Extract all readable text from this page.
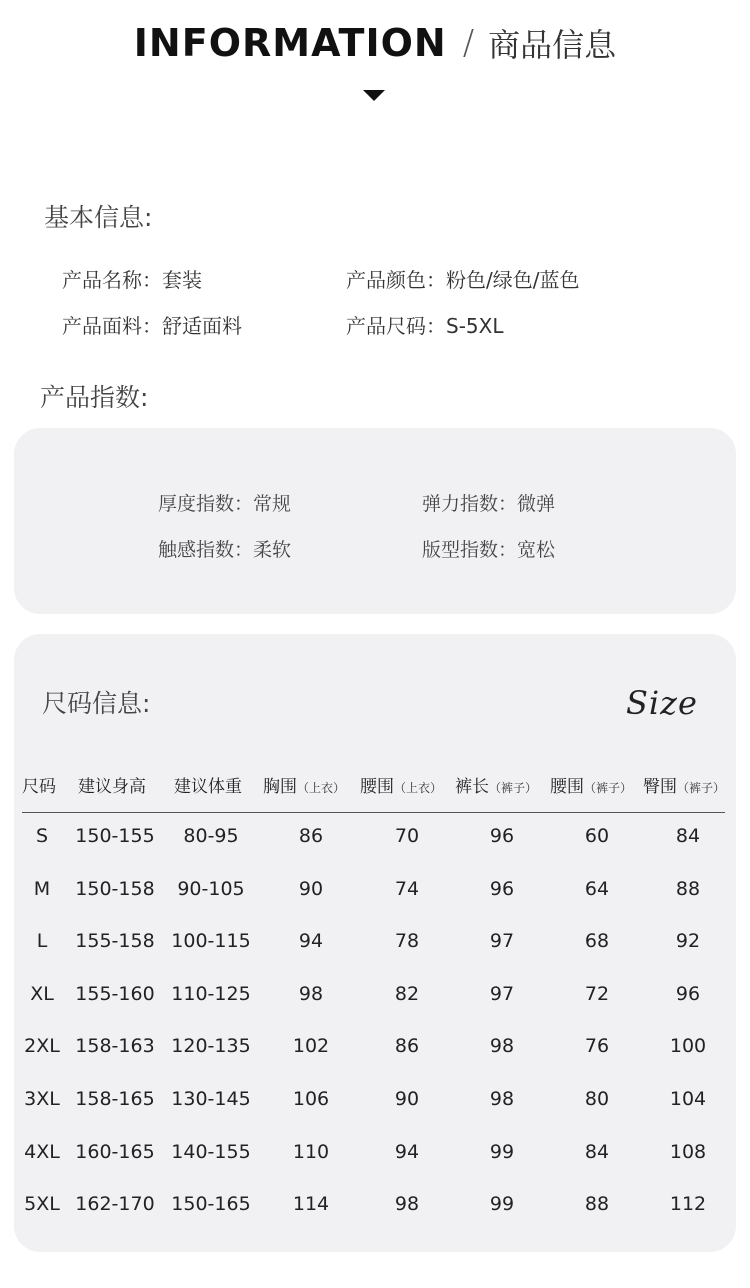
INFORMATION / 商品信息
基本信息:
产品名称：套装	产品颜色：粉色/绿色/蓝色
产品面料：舒适面料	产品尺码：S-5XL
产品指数:
厚度指数：常规	弹力指数：微弹
触感指数：柔软	版型指数：宽松
尺码信息:	Size
尺码 建议身高 建议体重 胸围（上衣） 腰围（上衣） 裤长（裤子） 腰围（裤子） 臀围（裤子）
S	150-155	80-95	86	70	96	60	84
M	150-158	90-105	90	74	96	64	88
L	155-158 100-115	94	78	97	68	92
XL	155-160 110-125	98	82	97	72	96
2XL 158-163 120-135	102	86	98	76	100
3XL 158-165 130-145	106	90	98	80	104
4XL 160-165 140-155	110	94	99	84	108
5XL 162-170 150-165	114	98	99	88	112
